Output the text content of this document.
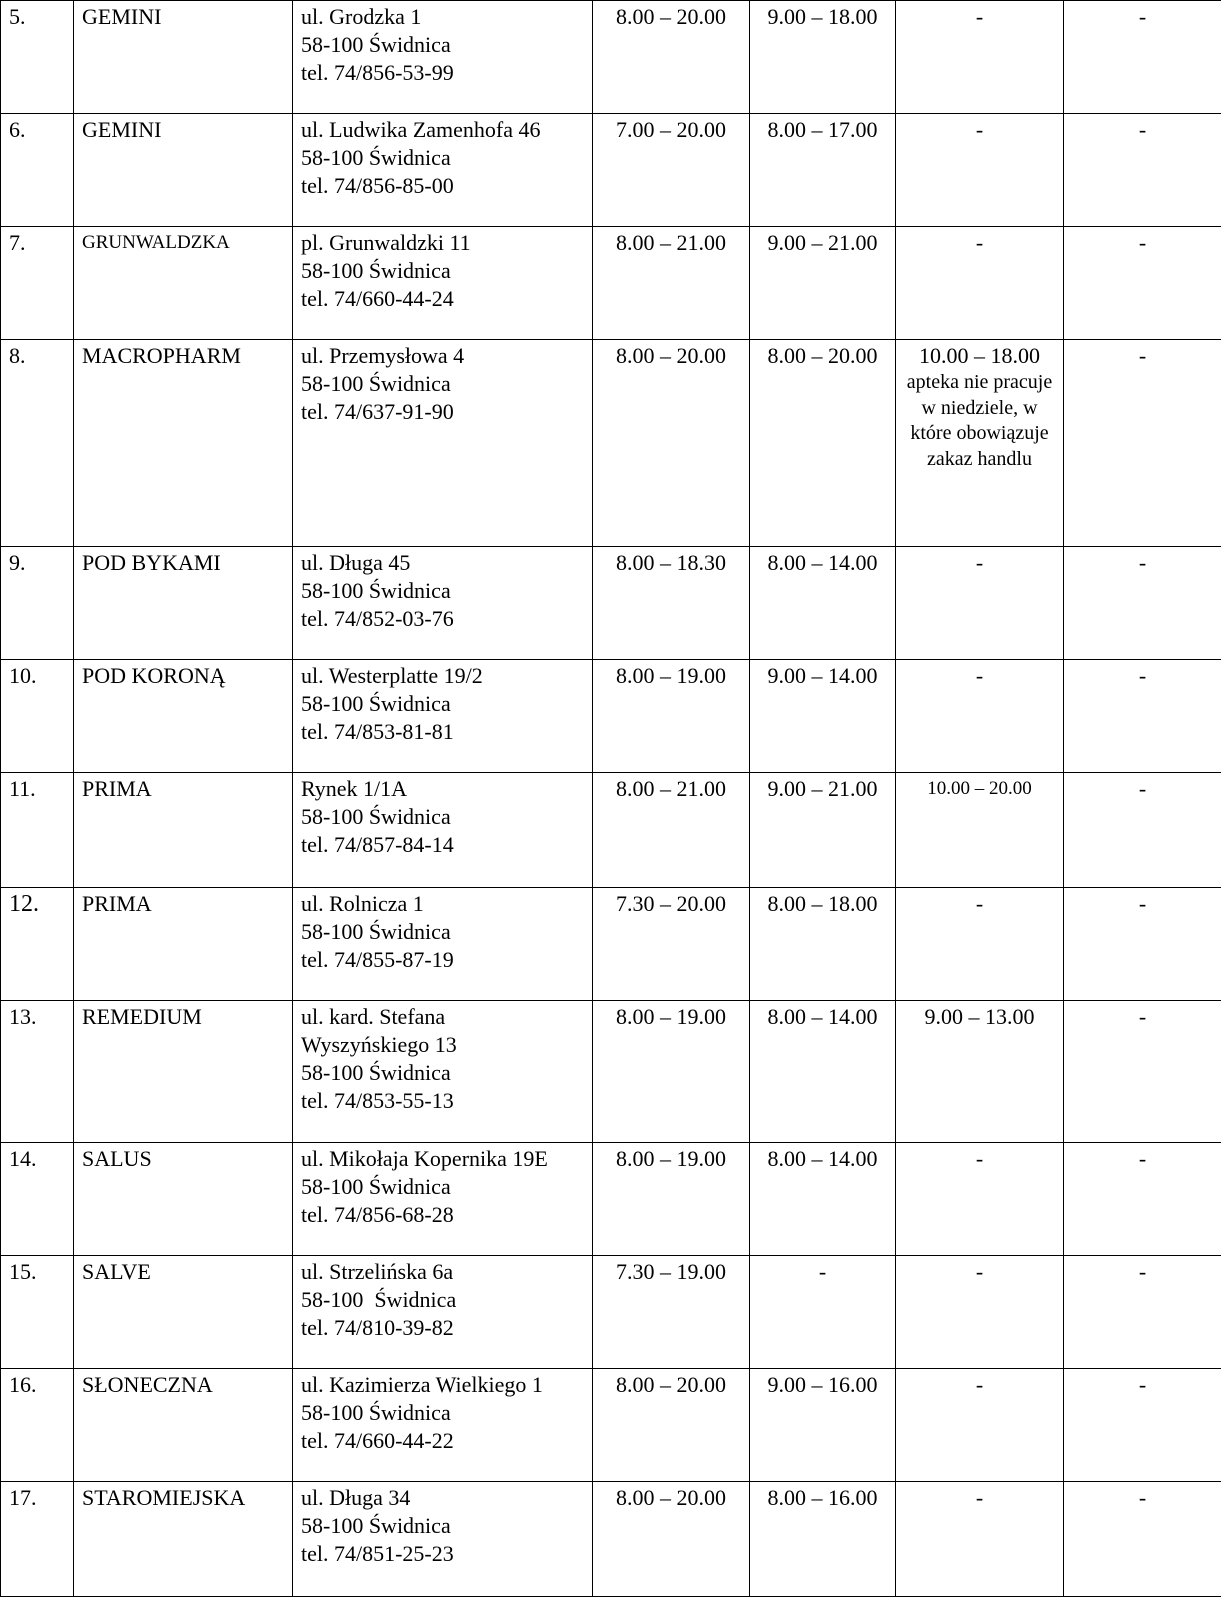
5.	GEMINI	ul. Grodzka 1
58-100 Świdnica
tel. 74/856-53-99	8.00 – 20.00	9.00 – 18.00	-	-
6.	GEMINI	ul. Ludwika Zamenhofa 46
58-100 Świdnica
tel. 74/856-85-00	7.00 – 20.00	8.00 – 17.00	-	-
7.	GRUNWALDZKA	pl. Grunwaldzki 11
58-100 Świdnica
tel. 74/660-44-24	8.00 – 21.00	9.00 – 21.00	-	-
8.	MACROPHARM	ul. Przemysłowa 4
58-100 Świdnica
tel. 74/637-91-90	8.00 – 20.00	8.00 – 20.00	10.00 – 18.00
apteka nie pracuje w niedziele, w które obowiązuje zakaz handlu	-
9.	POD BYKAMI	ul. Długa 45
58-100 Świdnica
tel. 74/852-03-76	8.00 – 18.30	8.00 – 14.00	-	-
10.	POD KORONĄ	ul. Westerplatte 19/2
58-100 Świdnica
tel. 74/853-81-81	8.00 – 19.00	9.00 – 14.00	-	-
11.	PRIMA	Rynek 1/1A
58-100 Świdnica
tel. 74/857-84-14	8.00 – 21.00	9.00 – 21.00	10.00 – 20.00	-
12.	PRIMA	ul. Rolnicza 1
58-100 Świdnica
tel. 74/855-87-19	7.30 – 20.00	8.00 – 18.00	-	-
13.	REMEDIUM	ul. kard. Stefana
Wyszyńskiego 13
58-100 Świdnica
tel. 74/853-55-13	8.00 – 19.00	8.00 – 14.00	9.00 – 13.00	-
14.	SALUS	ul. Mikołaja Kopernika 19E
58-100 Świdnica
tel. 74/856-68-28	8.00 – 19.00	8.00 – 14.00	-	-
15.	SALVE	ul. Strzelińska 6a
58-100  Świdnica
tel. 74/810-39-82	7.30 – 19.00	-	-	-
16.	SŁONECZNA	ul. Kazimierza Wielkiego 1
58-100 Świdnica
tel. 74/660-44-22	8.00 – 20.00	9.00 – 16.00	-	-
17.	STAROMIEJSKA	ul. Długa 34
58-100 Świdnica
tel. 74/851-25-23	8.00 – 20.00	8.00 – 16.00	-	-
